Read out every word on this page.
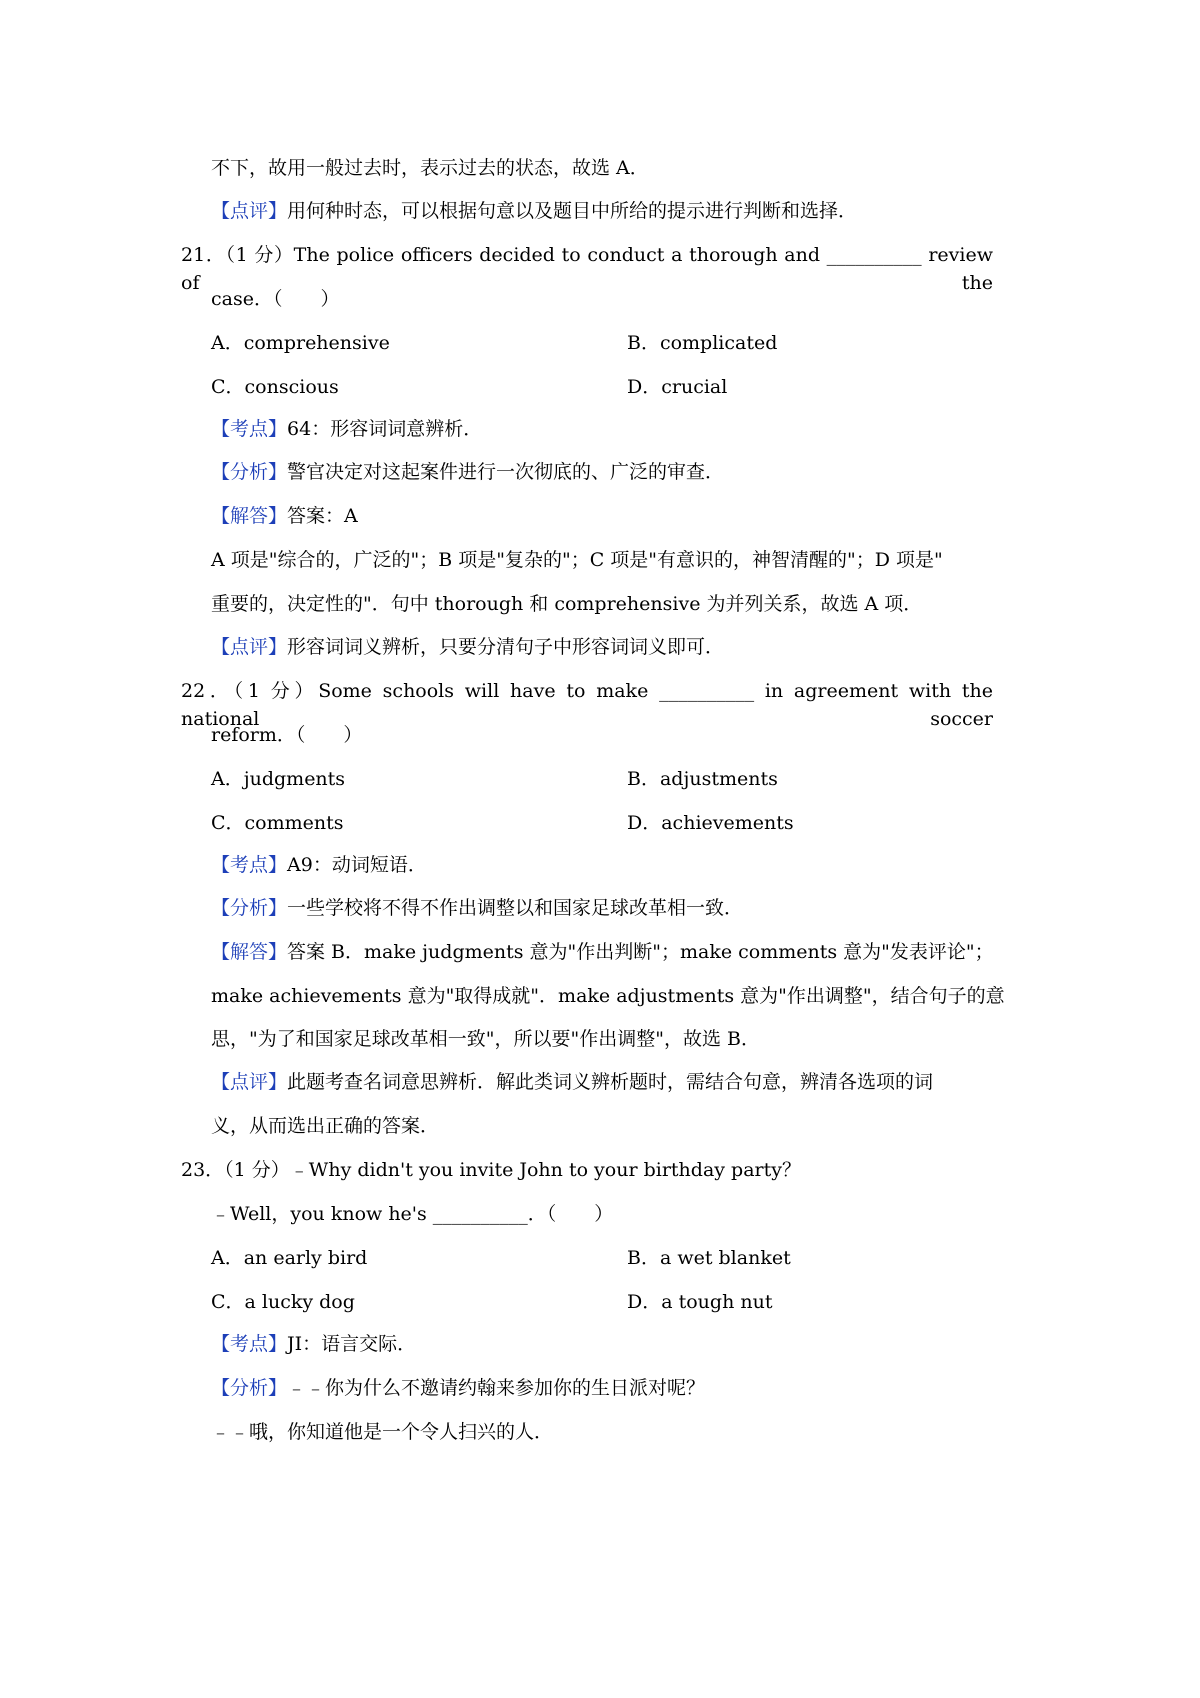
不下，故用一般过去时，表示过去的状态，故选 A．
【点评】用何种时态，可以根据句意以及题目中所给的提示进行判断和选择．
21．（1 分）The police officers decided to conduct a thorough and __________ review of the
case．（　　）
A．comprehensive	B．complicated
C．conscious	D．crucial
【考点】64：形容词词意辨析．
【分析】警官决定对这起案件进行一次彻底的、广泛的审查．
【解答】答案：A
A 项是"综合的，广泛的"；B 项是"复杂的"；C 项是"有意识的，神智清醒的"；D 项是"
重要的，决定性的"．句中 thorough 和 comprehensive 为并列关系，故选 A 项．
【点评】形容词词义辨析，只要分清句子中形容词词义即可．
22．（1 分）Some schools will have to make __________ in agreement with the national soccer
reform．（　　）
A．judgments	B．adjustments
C．comments	D．achievements
【考点】A9：动词短语．
【分析】一些学校将不得不作出调整以和国家足球改革相一致．
【解答】答案 B．make judgments 意为"作出判断"；make comments 意为"发表评论"；
make achievements 意为"取得成就"．make adjustments 意为"作出调整"，结合句子的意
思，"为了和国家足球改革相一致"，所以要"作出调整"，故选 B．
【点评】此题考查名词意思辨析．解此类词义辨析题时，需结合句意，辨清各选项的词
义，从而选出正确的答案．
23．（1 分）﹣Why didn't you invite John to your birthday party？
﹣Well，you know he's __________．（　　）
A．an early bird	B．a wet blanket
C．a lucky dog	D．a tough nut
【考点】JI：语言交际．
【分析】﹣﹣你为什么不邀请约翰来参加你的生日派对呢？
﹣﹣哦，你知道他是一个令人扫兴的人．
